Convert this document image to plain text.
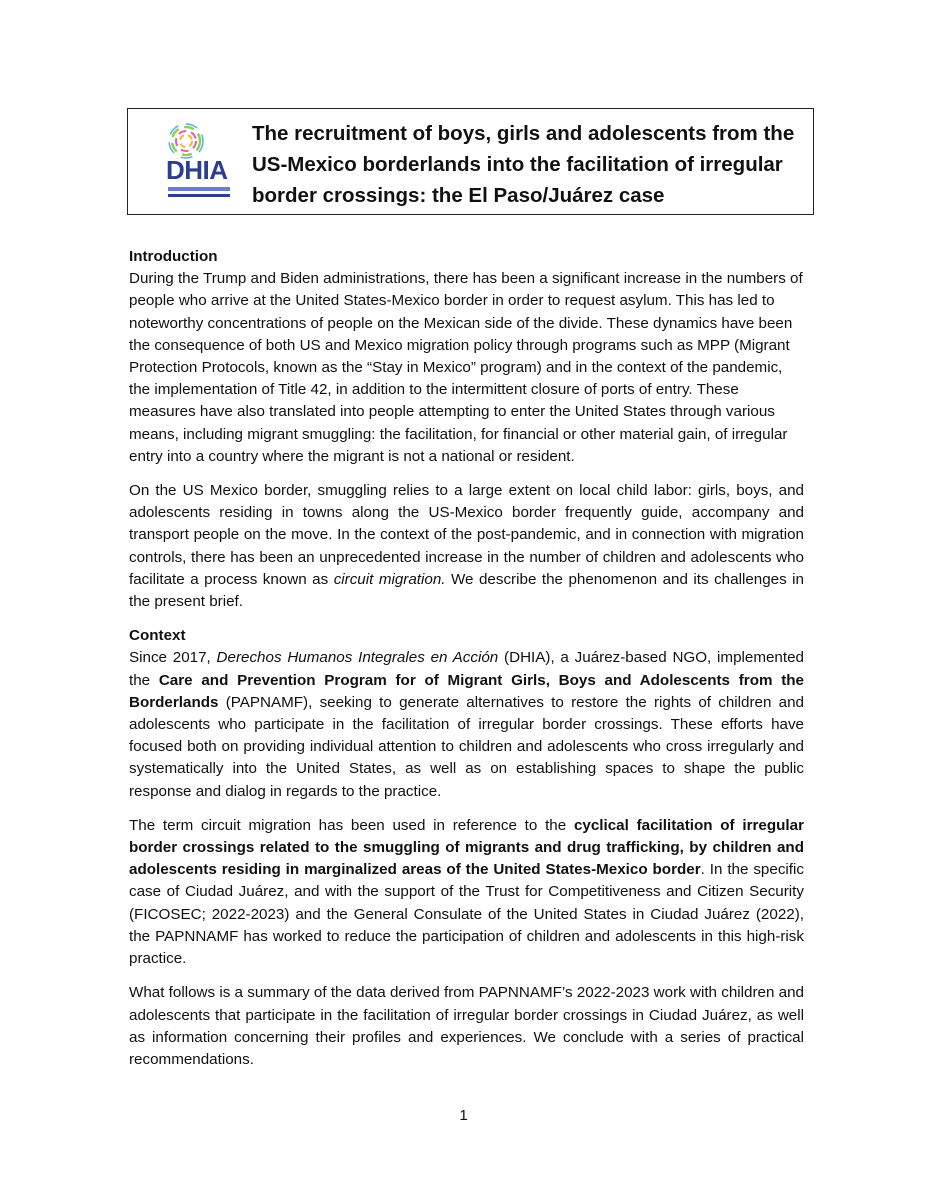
DHIA
The recruitment of boys, girls and adolescents from the US-Mexico borderlands into the facilitation of irregular border crossings: the El Paso/Juárez case
Introduction

During the Trump and Biden administrations, there has been a significant increase in the numbers of people who arrive at the United States-Mexico border in order to request asylum. This has led to noteworthy concentrations of people on the Mexican side of the divide. These dynamics have been the consequence of both US and Mexico migration policy through programs such as MPP (Migrant Protection Protocols, known as the “Stay in Mexico” program) and in the context of the pandemic, the implementation of Title 42, in addition to the intermittent closure of ports of entry. These measures have also translated into people attempting to enter the United States through various means, including migrant smuggling: the facilitation, for financial or other material gain, of irregular entry into a country where the migrant is not a national or resident.

On the US Mexico border, smuggling relies to a large extent on local child labor: girls, boys, and adolescents residing in towns along the US-Mexico border frequently guide, accompany and transport people on the move. In the context of the post-pandemic, and in connection with migration controls, there has been an unprecedented increase in the number of children and adolescents who facilitate a process known as circuit migration. We describe the phenomenon and its challenges in the present brief.

Context

Since 2017, Derechos Humanos Integrales en Acción (DHIA), a Juárez-based NGO, implemented the Care and Prevention Program for of Migrant Girls, Boys and Adolescents from the Borderlands (PAPNAMF), seeking to generate alternatives to restore the rights of children and adolescents who participate in the facilitation of irregular border crossings. These efforts have focused both on providing individual attention to children and adolescents who cross irregularly and systematically into the United States, as well as on establishing spaces to shape the public response and dialog in regards to the practice.

The term circuit migration has been used in reference to the cyclical facilitation of irregular border crossings related to the smuggling of migrants and drug trafficking, by children and adolescents residing in marginalized areas of the United States-Mexico border. In the specific case of Ciudad Juárez, and with the support of the Trust for Competitiveness and Citizen Security (FICOSEC; 2022-2023) and the General Consulate of the United States in Ciudad Juárez (2022), the PAPNNAMF has worked to reduce the participation of children and adolescents in this high-risk practice.

What follows is a summary of the data derived from PAPNNAMF’s 2022-2023 work with children and adolescents that participate in the facilitation of irregular border crossings in Ciudad Juárez, as well as information concerning their profiles and experiences. We conclude with a series of practical recommendations.

1
